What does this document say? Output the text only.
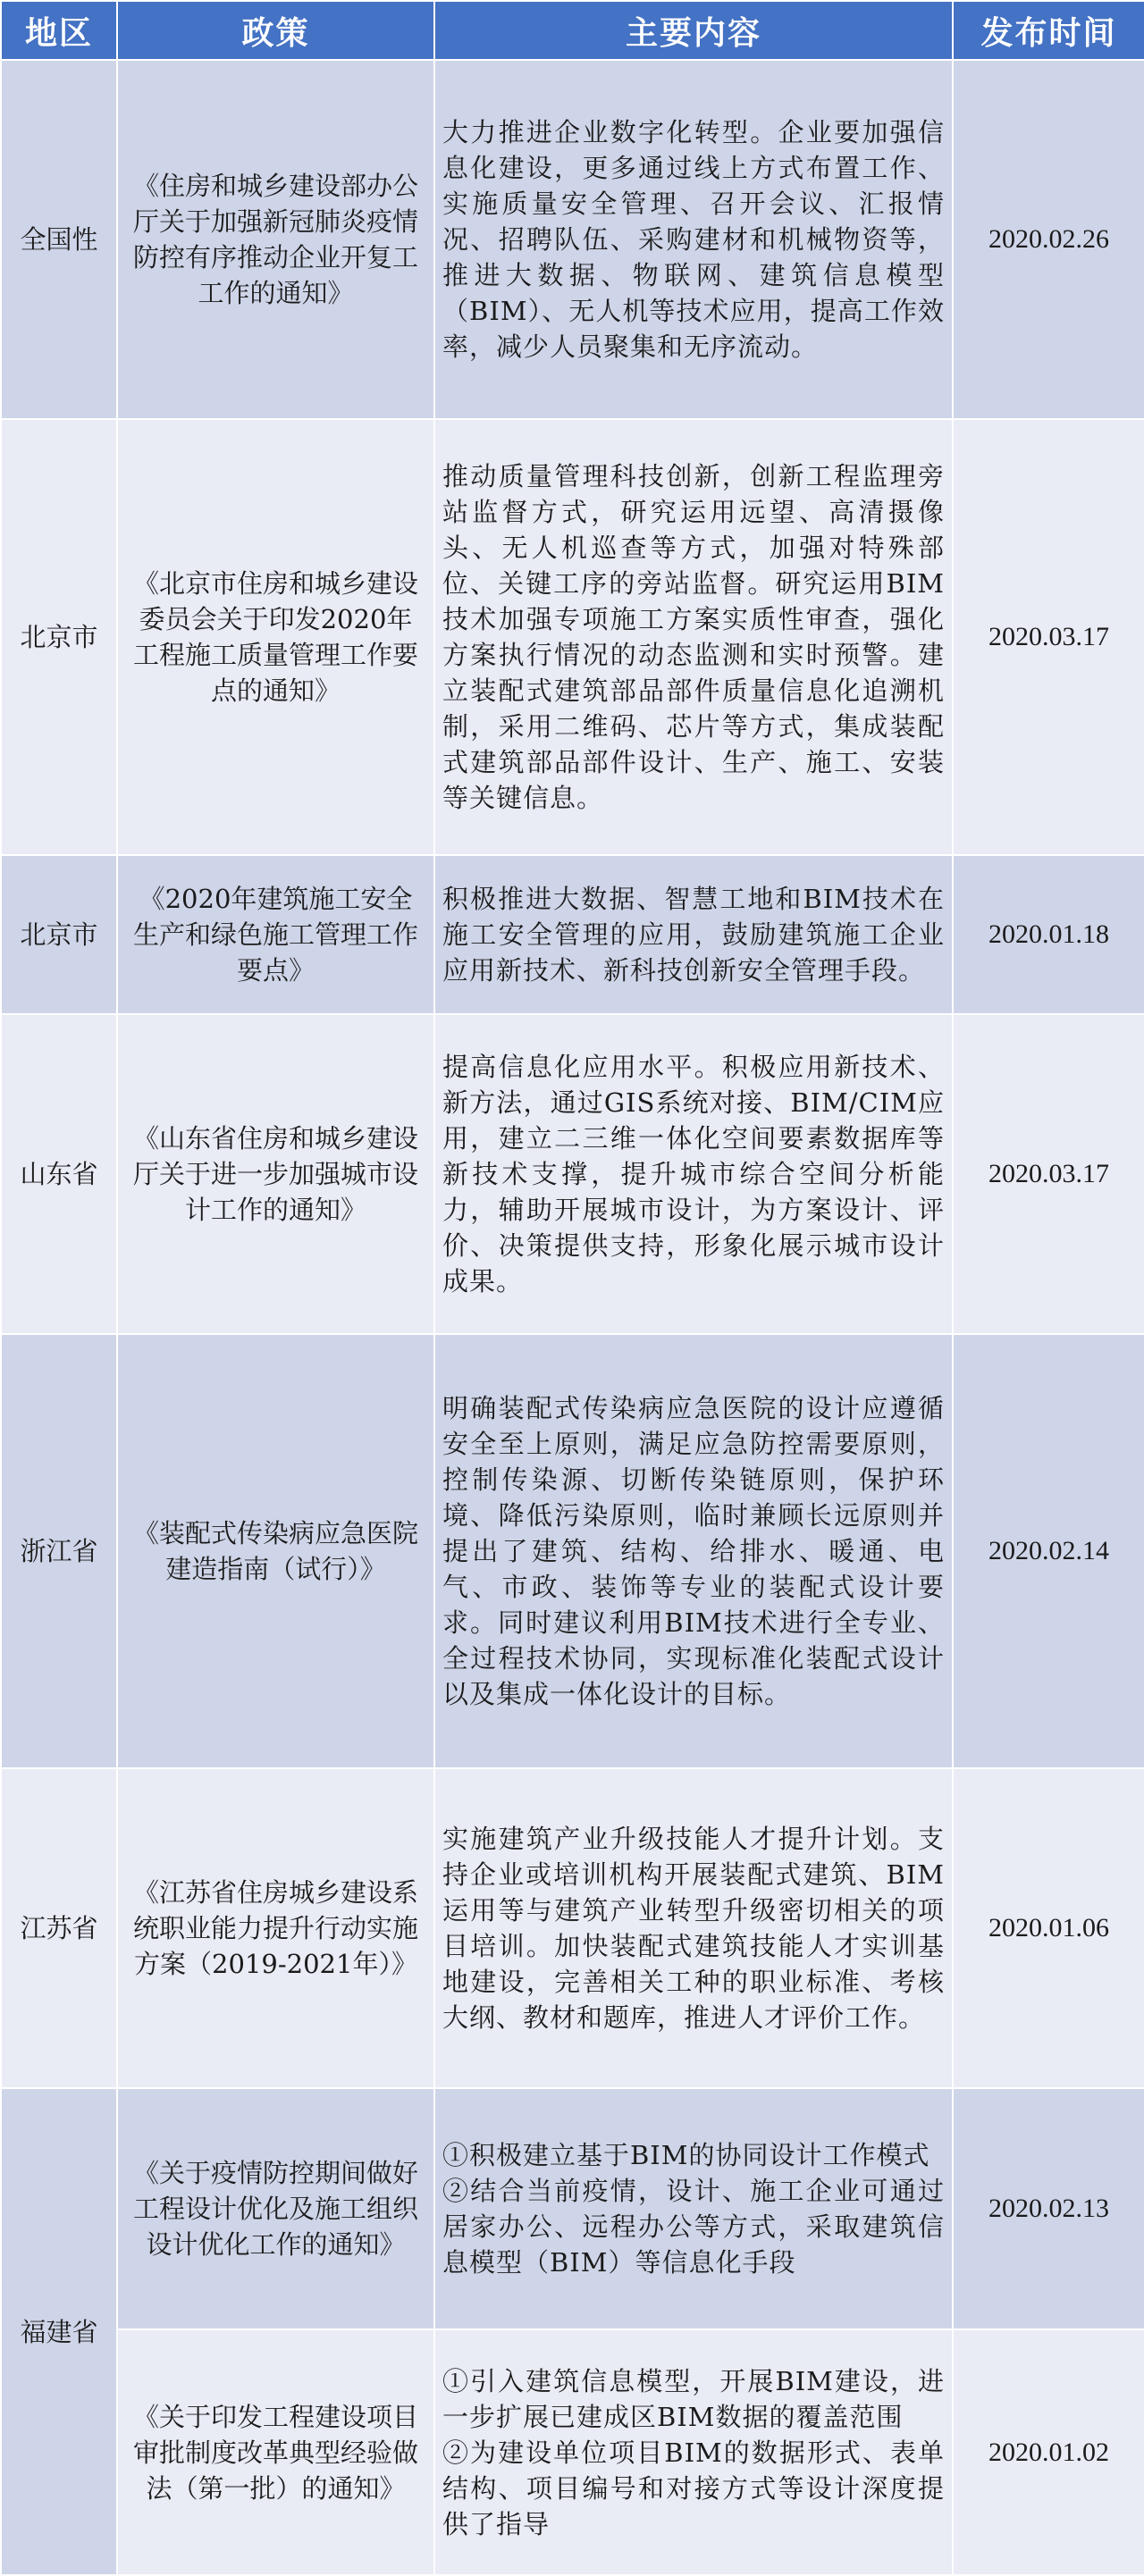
地区	政策	主要内容	发布时间
全国性	《住房和城乡建设部办公厅关于加强新冠肺炎疫情防控有序推动企业开复工工作的通知》	大力推进企业数字化转型。企业要加强信息化建设，更多通过线上方式布置工作、实施质量安全管理、召开会议、汇报情况、招聘队伍、采购建材和机械物资等，推进大数据、物联网、建筑信息模型（BIM）、无人机等技术应用，提高工作效率，减少人员聚集和无序流动。	2020.02.26
北京市	《北京市住房和城乡建设委员会关于印发2020年工程施工质量管理工作要点的通知》	推动质量管理科技创新，创新工程监理旁站监督方式，研究运用远望、高清摄像头、无人机巡查等方式，加强对特殊部位、关键工序的旁站监督。研究运用BIM技术加强专项施工方案实质性审查，强化方案执行情况的动态监测和实时预警。建立装配式建筑部品部件质量信息化追溯机制，采用二维码、芯片等方式，集成装配式建筑部品部件设计、生产、施工、安装等关键信息。	2020.03.17
北京市	《2020年建筑施工安全生产和绿色施工管理工作要点》	积极推进大数据、智慧工地和BIM技术在施工安全管理的应用，鼓励建筑施工企业应用新技术、新科技创新安全管理手段。	2020.01.18
山东省	《山东省住房和城乡建设厅关于进一步加强城市设计工作的通知》	提高信息化应用水平。积极应用新技术、新方法，通过GIS系统对接、BIM/CIM应用，建立二三维一体化空间要素数据库等新技术支撑，提升城市综合空间分析能力，辅助开展城市设计，为方案设计、评价、决策提供支持，形象化展示城市设计成果。	2020.03.17
浙江省	《装配式传染病应急医院建造指南（试行）》	明确装配式传染病应急医院的设计应遵循安全至上原则，满足应急防控需要原则，控制传染源、切断传染链原则，保护环境、降低污染原则，临时兼顾长远原则并提出了建筑、结构、给排水、暖通、电气、市政、装饰等专业的装配式设计要求。同时建议利用BIM技术进行全专业、全过程技术协同，实现标准化装配式设计以及集成一体化设计的目标。	2020.02.14
江苏省	《江苏省住房城乡建设系统职业能力提升行动实施方案（2019-2021年）》	实施建筑产业升级技能人才提升计划。支持企业或培训机构开展装配式建筑、BIM 运用等与建筑产业转型升级密切相关的项目培训。加快装配式建筑技能人才实训基地建设，完善相关工种的职业标准、考核大纲、教材和题库，推进人才评价工作。	2020.01.06
福建省	《关于疫情防控期间做好工程设计优化及施工组织设计优化工作的通知》	①积极建立基于BIM的协同设计工作模式
②结合当前疫情，设计、施工企业可通过居家办公、远程办公等方式，采取建筑信息模型（BIM）等信息化手段	2020.02.13
	《关于印发工程建设项目审批制度改革典型经验做法（第一批）的通知》	①引入建筑信息模型，开展BIM建设，进一步扩展已建成区BIM数据的覆盖范围
②为建设单位项目BIM的数据形式、表单结构、项目编号和对接方式等设计深度提供了指导	2020.01.02
